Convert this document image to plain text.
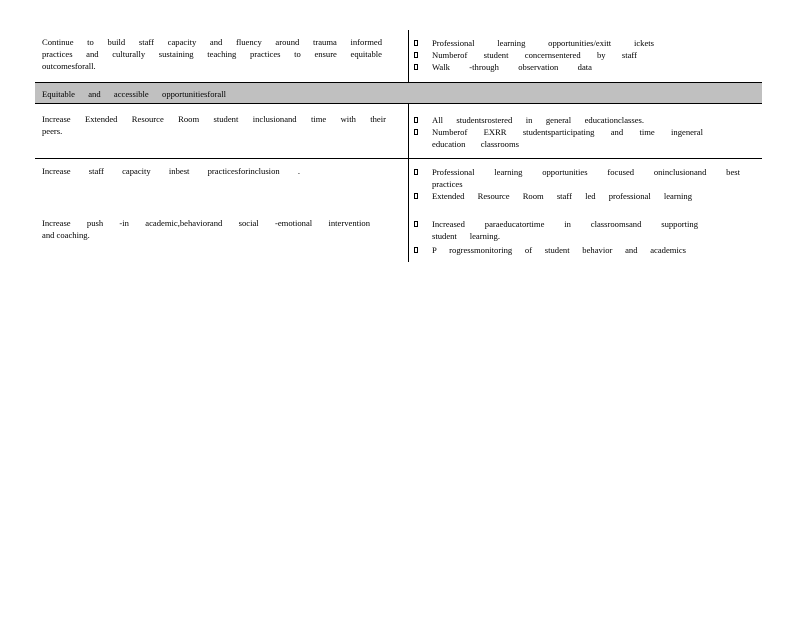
Continue to build staff capacity and fluency around trauma informed
practices and culturally sustaining teaching practices to ensure equitable
outcomesforall.
Professional learning opportunities/exitt ickets
Numberof student concernsentered by staff
Walk -through observation data
Equitable and accessible opportunitiesforall
Increase Extended Resource Room student inclusionand time with their
peers.
All studentsrostered in general educationclasses.
Numberof EXRR studentsparticipating and time ingeneral
education classrooms
Increase staff capacity inbest practicesforinclusion .	Professional learning opportunities focused oninclusionand best
practices
Extended Resource Room staff led professional learning
Increase push -in academic,behaviorand social -emotional intervention
and coaching.
Increased paraeducatortime in classroomsand supporting
student learning.
P rogressmonitoring of student behavior and academics
